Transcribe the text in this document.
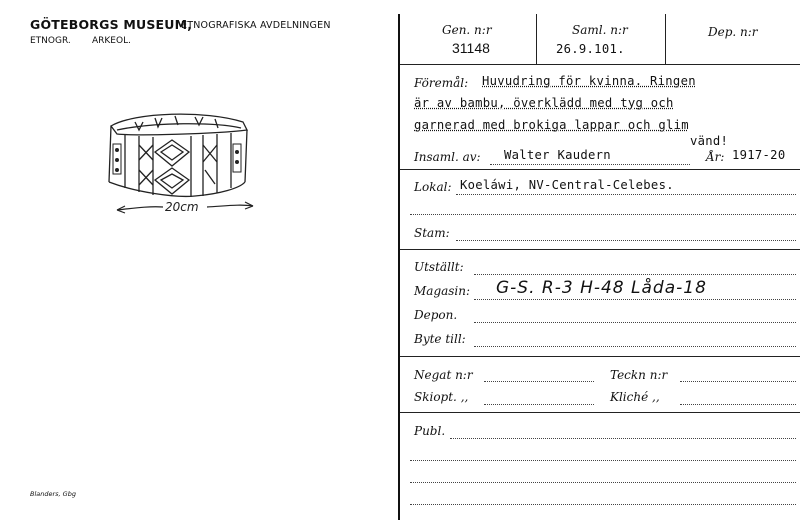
GÖTEBORGS MUSEUM,
ETNOGRAFISKA AVDELNINGEN
ETNOGR. ARKEOL.
20cm
Blanders, Gbg
Gen. n:r
31148
Saml. n:r
26.9.101.
Dep. n:r
Föremål: Huvudring för kvinna. Ringen
är av bambu, överklädd med tyg och
garnerad med brokiga lappar och glim
vänd!
Insaml. av: Walter Kaudern	År: 1917-20
Lokal: Koeláwi, NV-Central-Celebes.
Stam:
Utställt:
Magasin: G-S. R-3 H-48 Låda-18
Depon.
Byte till:
Negat n:r	Teckn n:r
Skiopt. ,,	Kliché ,,
Publ.
